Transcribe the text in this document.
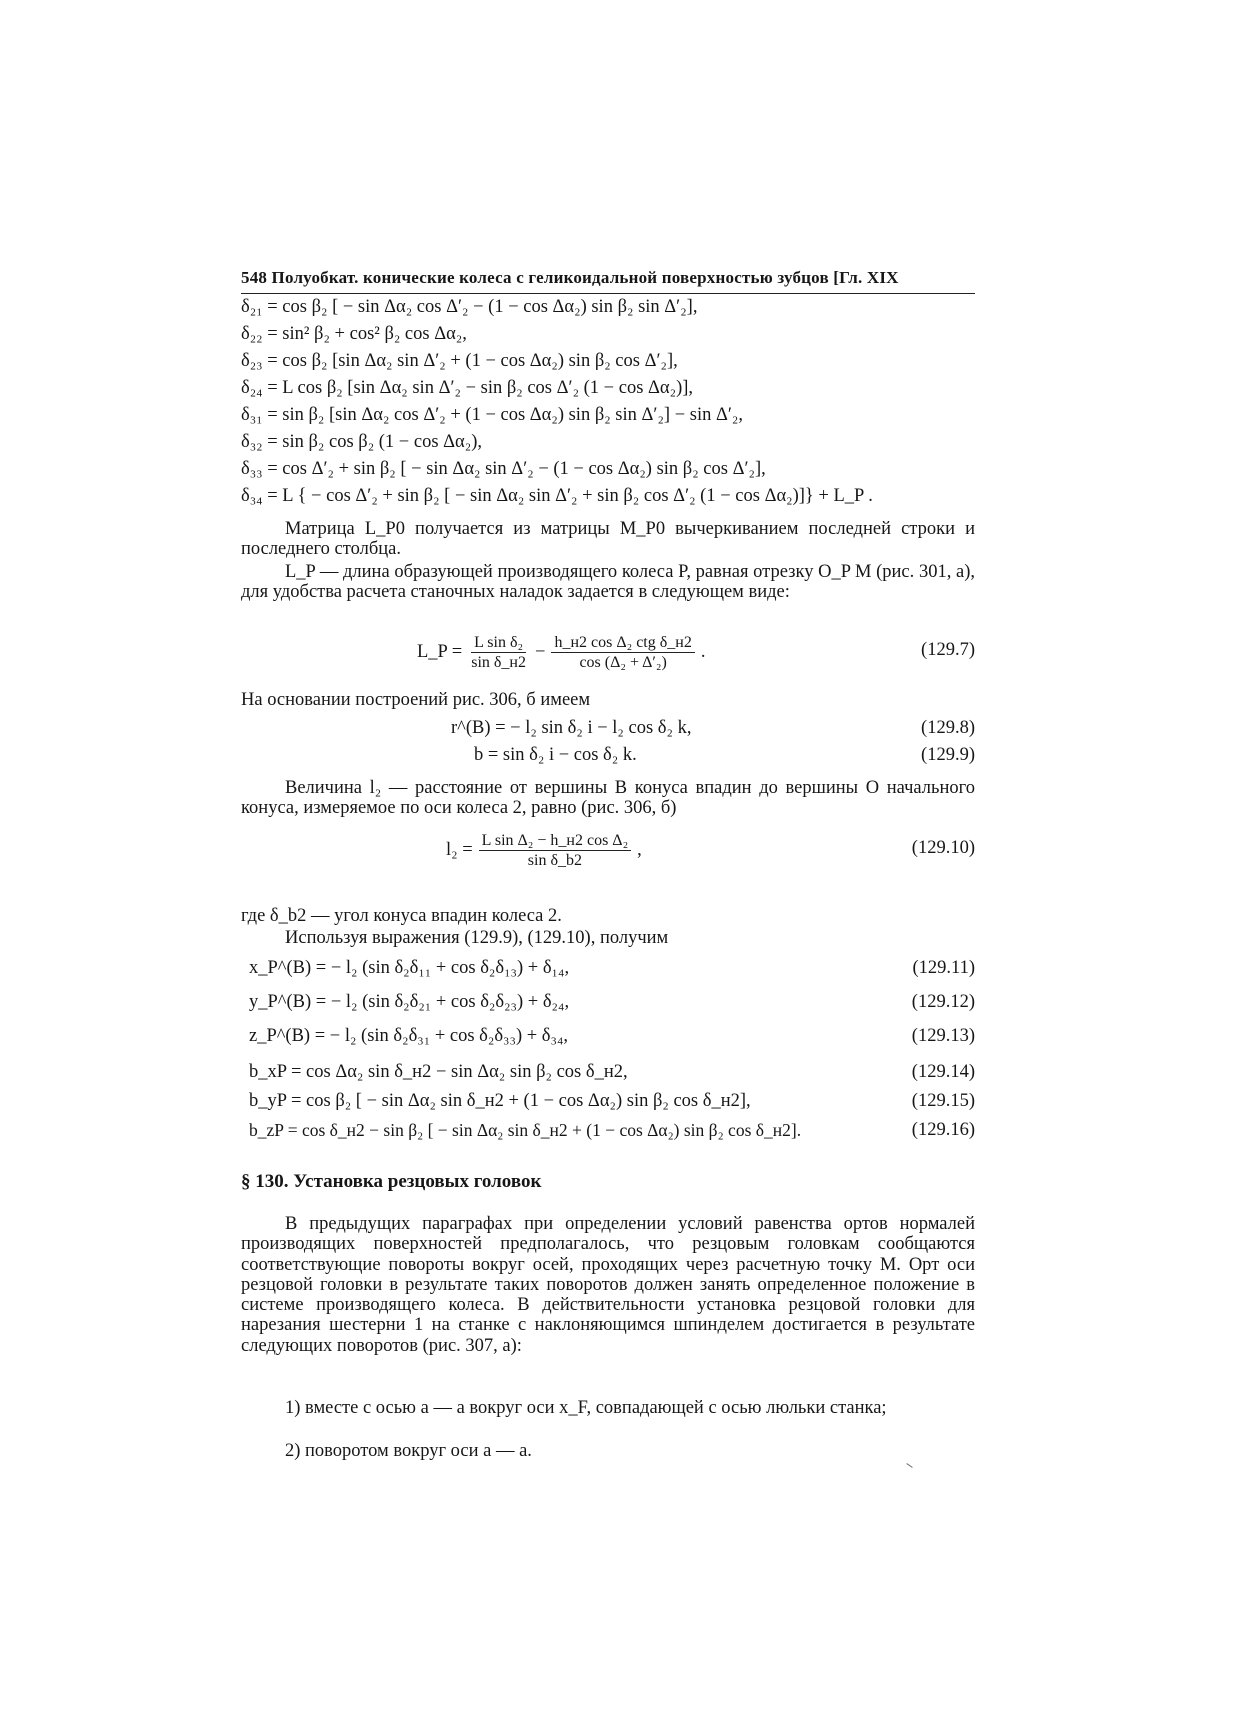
548 Полуобкат. конические колеса с геликоидальной поверхностью зубцов [Гл. XIX
δ₂₁ = cos β₂ [ − sin Δα₂ cos Δ′₂ − (1 − cos Δα₂) sin β₂ sin Δ′₂],
δ₂₂ = sin² β₂ + cos² β₂ cos Δα₂,
δ₂₃ = cos β₂ [sin Δα₂ sin Δ′₂ + (1 − cos Δα₂) sin β₂ cos Δ′₂],
δ₂₄ = L cos β₂ [sin Δα₂ sin Δ′₂ − sin β₂ cos Δ′₂ (1 − cos Δα₂)],
δ₃₁ = sin β₂ [sin Δα₂ cos Δ′₂ + (1 − cos Δα₂) sin β₂ sin Δ′₂] − sin Δ′₂,
δ₃₂ = sin β₂ cos β₂ (1 − cos Δα₂),
δ₃₃ = cos Δ′₂ + sin β₂ [ − sin Δα₂ sin Δ′₂ − (1 − cos Δα₂) sin β₂ cos Δ′₂],
δ₃₄ = L { − cos Δ′₂ + sin β₂ [ − sin Δα₂ sin Δ′₂ + sin β₂ cos Δ′₂ (1 − cos Δα₂)]} + L_P .
Матрица L_P0 получается из матрицы M_P0 вычеркиванием последней строки и последнего столбца.
L_P — длина образующей производящего колеса P, равная отрезку O_P M (рис. 301, а), для удобства расчета станочных наладок задается в следующем виде:
L_P = L sin δ₂
sin δ_н2
− h_н2 cos Δ₂ ctg δ_н2
cos (Δ₂ + Δ′₂)
.	(129.7)
На основании построений рис. 306, б имеем
r^(B) = − l₂ sin δ₂ i − l₂ cos δ₂ k,	(129.8)
b = sin δ₂ i − cos δ₂ k.	(129.9)
Величина l₂ — расстояние от вершины B конуса впадин до вершины O начального конуса, измеряемое по оси колеса 2, равно (рис. 306, б)
l₂ = L sin Δ₂ − h_н2 cos Δ₂
sin δ_b2
,	(129.10)
где δ_b2 — угол конуса впадин колеса 2.
Используя выражения (129.9), (129.10), получим
x_P^(B) = − l₂ (sin δ₂δ₁₁ + cos δ₂δ₁₃) + δ₁₄,	(129.11)
y_P^(B) = − l₂ (sin δ₂δ₂₁ + cos δ₂δ₂₃) + δ₂₄,	(129.12)
z_P^(B) = − l₂ (sin δ₂δ₃₁ + cos δ₂δ₃₃) + δ₃₄,	(129.13)
b_xP = cos Δα₂ sin δ_н2 − sin Δα₂ sin β₂ cos δ_н2,	(129.14)
b_yP = cos β₂ [ − sin Δα₂ sin δ_н2 + (1 − cos Δα₂) sin β₂ cos δ_н2],	(129.15)
b_zP = cos δ_н2 − sin β₂ [ − sin Δα₂ sin δ_н2 + (1 − cos Δα₂) sin β₂ cos δ_н2].	(129.16)
§ 130. Установка резцовых головок
В предыдущих параграфах при определении условий равенства ортов нормалей производящих поверхностей предполагалось, что резцовым головкам сообщаются соответствующие повороты вокруг осей, проходящих через расчетную точку M. Орт оси резцовой головки в результате таких поворотов должен занять определенное положение в системе производящего колеса. В действительности установка резцовой головки для нарезания шестерни 1 на станке с наклоняющимся шпинделем достигается в результате следующих поворотов (рис. 307, а):
1) вместе с осью а — а вокруг оси x_F, совпадающей с осью люльки станка;
2) поворотом вокруг оси а — а.
